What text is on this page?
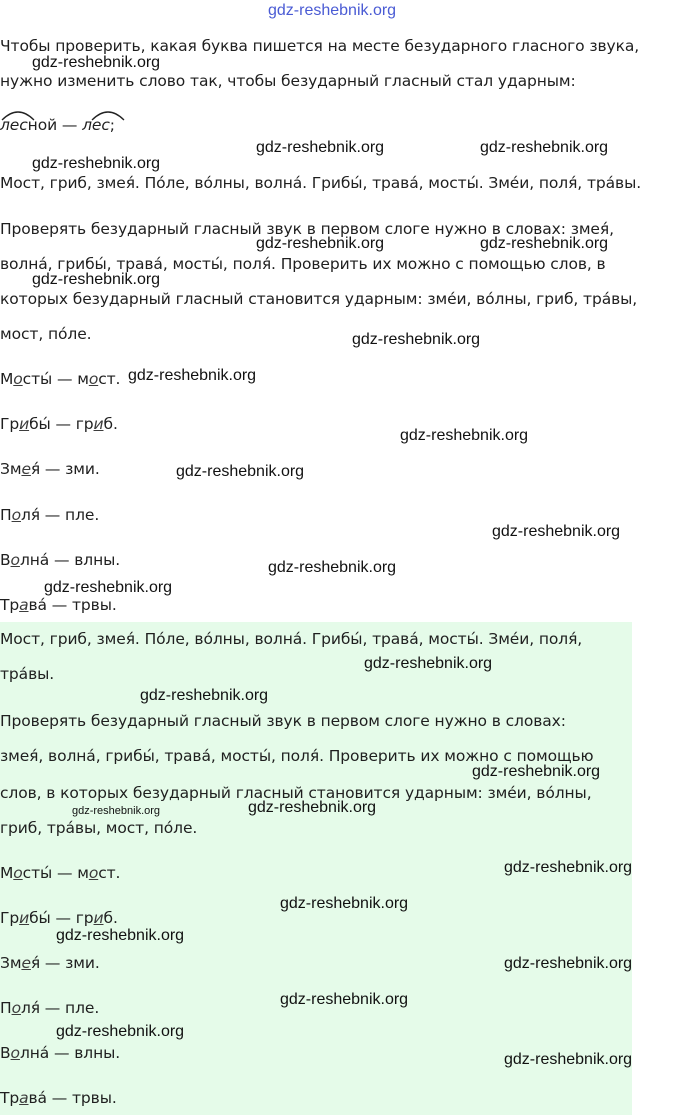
gdz-reshebnik.org
Чтобы проверить, какая буква пишется на месте безударного гласного звука,
нужно изменить слово так, чтобы безударный гласный стал ударным:
лесной — лес;
Мост, гриб, змея́. По́ле, во́лны, волна́. Грибы́, трава́, мосты́. Зме́и, поля́, тра́вы.
Проверять безударный гласный звук в первом слоге нужно в словах: змея́,
волна́, грибы́, трава́, мосты́, поля́. Проверить их можно с помощью слов, в
которых безударный гласный становится ударным: зме́и, во́лны, гриб, тра́вы,
мост, по́ле.
Мосты́ — мост.
Грибы́ — гриб.
Змея́ — зми.
Поля́ — пле.
Волна́ — влны.
Трава́ — трвы.
Мост, гриб, змея́. По́ле, во́лны, волна́. Грибы́, трава́, мосты́. Зме́и, поля́,
тра́вы.
Проверять безударный гласный звук в первом слоге нужно в словах:
змея́, волна́, грибы́, трава́, мосты́, поля́. Проверить их можно с помощью
слов, в которых безударный гласный становится ударным: зме́и, во́лны,
гриб, тра́вы, мост, по́ле.
Мосты́ — мост.
Грибы́ — гриб.
Змея́ — зми.
Поля́ — пле.
Волна́ — влны.
Трава́ — трвы.
gdz-reshebnik.org
gdz-reshebnik.org	gdz-reshebnik.org
gdz-reshebnik.org
gdz-reshebnik.org	gdz-reshebnik.org
gdz-reshebnik.org
gdz-reshebnik.org
gdz-reshebnik.org
gdz-reshebnik.org
gdz-reshebnik.org
gdz-reshebnik.org
gdz-reshebnik.org
gdz-reshebnik.org
gdz-reshebnik.org
gdz-reshebnik.org
gdz-reshebnik.org
gdz-reshebnik.org
gdz-reshebnik.org
gdz-reshebnik.org
gdz-reshebnik.org
gdz-reshebnik.org
gdz-reshebnik.org
gdz-reshebnik.org
gdz-reshebnik.org
gdz-reshebnik.org
